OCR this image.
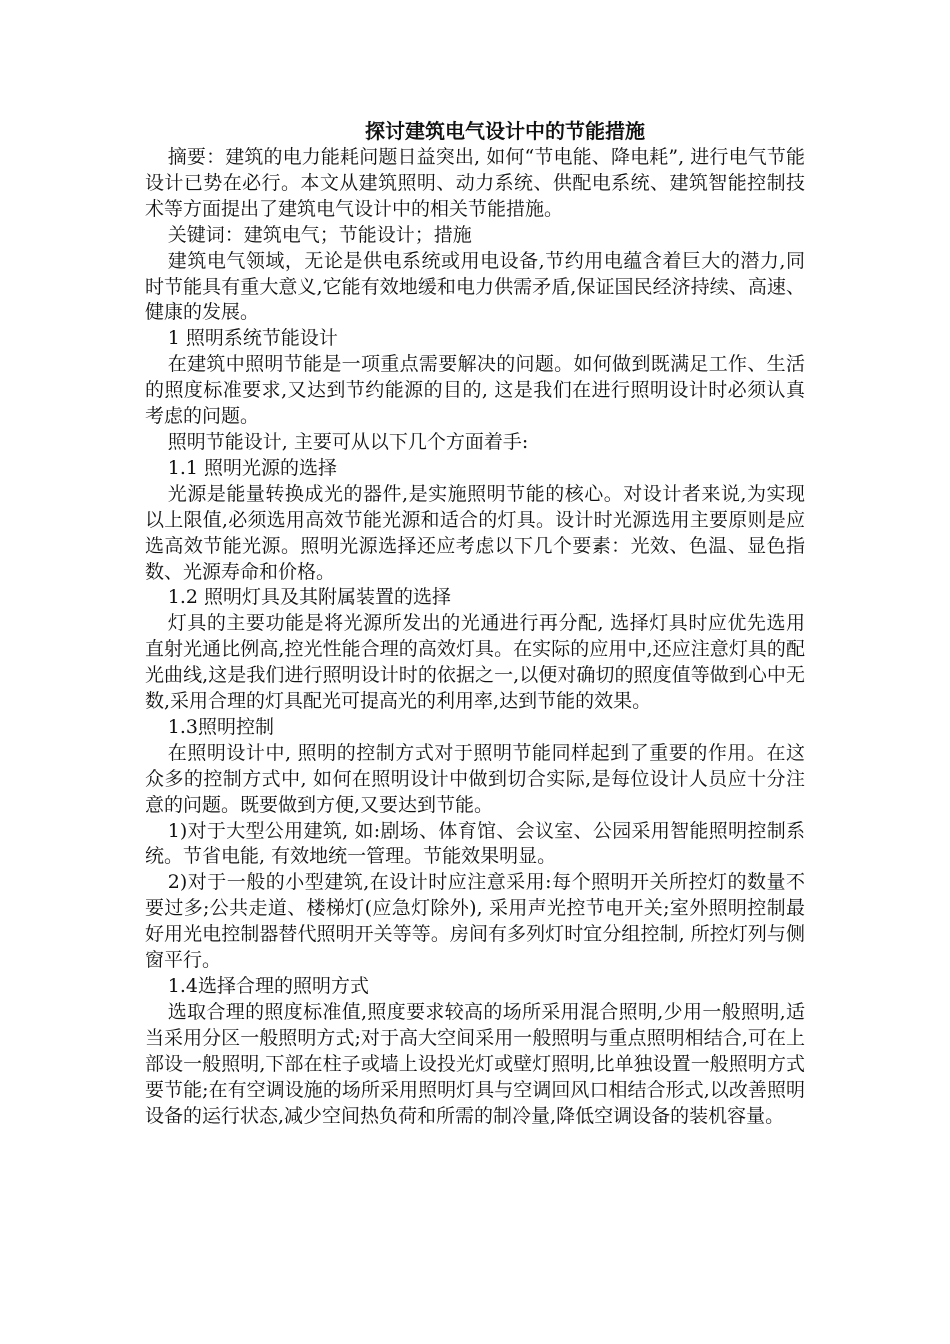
探讨建筑电气设计中的节能措施

摘要：建筑的电力能耗问题日益突出, 如何“节电能、降电耗”, 进行电气节能设计已势在必行。本文从建筑照明、动力系统、供配电系统、建筑智能控制技术等方面提出了建筑电气设计中的相关节能措施。

关键词：建筑电气；节能设计；措施

建筑电气领域，无论是供电系统或用电设备,节约用电蕴含着巨大的潜力,同时节能具有重大意义,它能有效地缓和电力供需矛盾,保证国民经济持续、高速、健康的发展。

1 照明系统节能设计

在建筑中照明节能是一项重点需要解决的问题。如何做到既满足工作、生活的照度标准要求,又达到节约能源的目的, 这是我们在进行照明设计时必须认真考虑的问题。

照明节能设计, 主要可从以下几个方面着手:

1.1 照明光源的选择

光源是能量转换成光的器件,是实施照明节能的核心。对设计者来说,为实现以上限值,必须选用高效节能光源和适合的灯具。设计时光源选用主要原则是应选高效节能光源。照明光源选择还应考虑以下几个要素：光效、色温、显色指数、光源寿命和价格。

1.2 照明灯具及其附属装置的选择

灯具的主要功能是将光源所发出的光通进行再分配, 选择灯具时应优先选用直射光通比例高,控光性能合理的高效灯具。在实际的应用中,还应注意灯具的配光曲线,这是我们进行照明设计时的依据之一,以便对确切的照度值等做到心中无数,采用合理的灯具配光可提高光的利用率,达到节能的效果。

1.3照明控制

在照明设计中, 照明的控制方式对于照明节能同样起到了重要的作用。在这众多的控制方式中, 如何在照明设计中做到切合实际,是每位设计人员应十分注意的问题。既要做到方便,又要达到节能。

1)对于大型公用建筑, 如:剧场、体育馆、会议室、公园采用智能照明控制系统。节省电能, 有效地统一管理。节能效果明显。

2)对于一般的小型建筑,在设计时应注意采用:每个照明开关所控灯的数量不要过多;公共走道、楼梯灯(应急灯除外), 采用声光控节电开关;室外照明控制最好用光电控制器替代照明开关等等。房间有多列灯时宜分组控制, 所控灯列与侧窗平行。

1.4选择合理的照明方式

选取合理的照度标准值,照度要求较高的场所采用混合照明,少用一般照明,适当采用分区一般照明方式;对于高大空间采用一般照明与重点照明相结合,可在上部设一般照明,下部在柱子或墙上设投光灯或壁灯照明,比单独设置一般照明方式要节能;在有空调设施的场所采用照明灯具与空调回风口相结合形式,以改善照明设备的运行状态,减少空间热负荷和所需的制冷量,降低空调设备的装机容量。
